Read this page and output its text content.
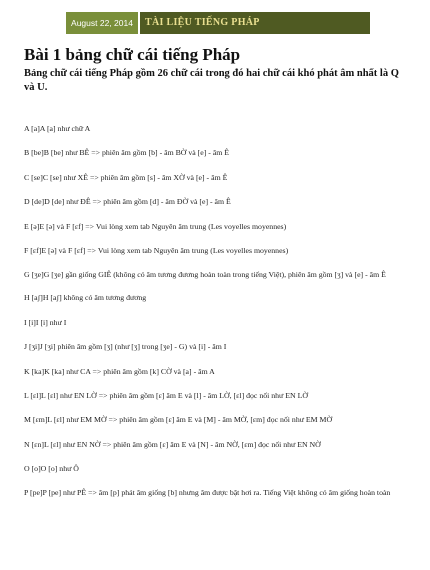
August 22, 2014	TÀI LIỆU TIẾNG PHÁP
Bài 1 bảng chữ cái tiếng Pháp

Bảng chữ cái tiếng Pháp gồm 26 chữ cái trong đó hai chữ cái khó phát âm nhất là Q và U.

A [a]A [a] như chữ A
B [be]B [be] như BÊ => phiên âm gồm [b] - âm BỜ và [e] - âm Ê
C [se]C [se] như XÊ => phiên âm gồm [s] - âm XỜ và [e] - âm Ê
D [de]D [de] như ĐÊ => phiên âm gồm [d] - âm ĐỜ và [e] - âm Ê
E [ə]E [ə] và F [ɛf] => Vui lòng xem tab Nguyên âm trung (Les voyelles moyennes)
F [ɛf]E [ə] và F [ɛf] => Vui lòng xem tab Nguyên âm trung (Les voyelles moyennes)
G [ʒe]G [ʒe] gần giống GIÊ (không có âm tương đương hoàn toàn trong tiếng Việt), phiên âm gồm [ʒ] và [e] - âm Ê
H [aʃ]H [aʃ] không có âm tương đương
I [i]I [i] như I
J [ʒi]J [ʒi] phiên âm gồm [ʒ] (như [ʒ] trong [ʒe] - G) và [i] - âm I
K [ka]K [ka] như CA => phiên âm gồm [k] CỜ và [a] - âm A
L [ɛl]L [ɛl] như EN LỜ => phiên âm gồm [ɛ] âm E và [l] - âm LỜ, [ɛl] đọc nối như EN LỜ
M [ɛm]L [ɛl] như EM MỜ => phiên âm gồm [ɛ] âm E và [M] - âm MỜ, [ɛm] đọc nối như EM MỜ
N [ɛn]L [ɛl] như EN NỜ => phiên âm gồm [ɛ] âm E và [N] - âm NỜ, [ɛm] đọc nối như EN NỜ
O [o]O [o] như Ô
P [pe]P [pe] như PÊ => âm [p] phát âm giống [b] nhưng âm được bật hơi ra. Tiếng Việt không có âm giống hoàn toàn
